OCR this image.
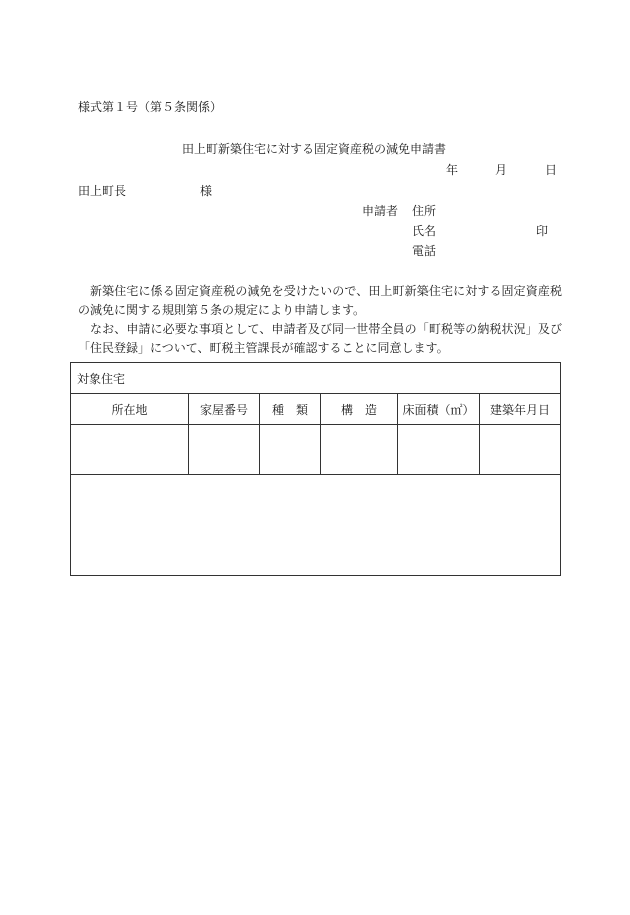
様式第１号（第５条関係）
田上町新築住宅に対する固定資産税の減免申請書
年	月	日
田上町長	様
申請者 住所
氏名	印
電話

新築住宅に係る固定資産税の減免を受けたいので、田上町新築住宅に対する固定資産税の減免に関する規則第５条の規定により申請します。

なお、申請に必要な事項として、申請者及び同一世帯全員の「町税等の納税状況」及び「住民登録」について、町税主管課長が確認することに同意します。

対象住宅					
所在地	家屋番号	種　類	構　造	床面積（㎡）	建築年月日
